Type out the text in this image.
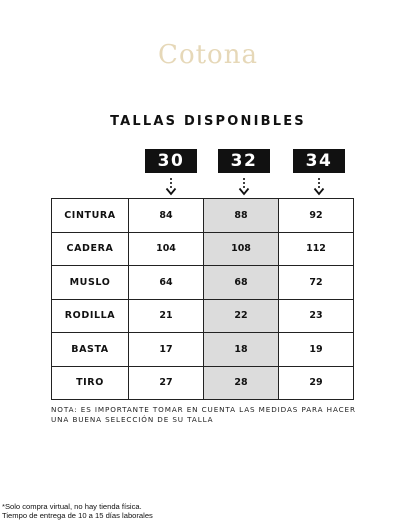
Cotona
TALLAS DISPONIBLES
30	32	34
CINTURA	84	88	92
CADERA	104	108	112
MUSLO	64	68	72
RODILLA	21	22	23
BASTA	17	18	19
TIRO	27	28	29
NOTA: ES IMPORTANTE TOMAR EN CUENTA LAS MEDIDAS PARA HACER
UNA BUENA SELECCIÓN DE SU TALLA
*Solo compra virtual, no hay tienda física.
Tiempo de entrega de 10 a 15 días laborales
